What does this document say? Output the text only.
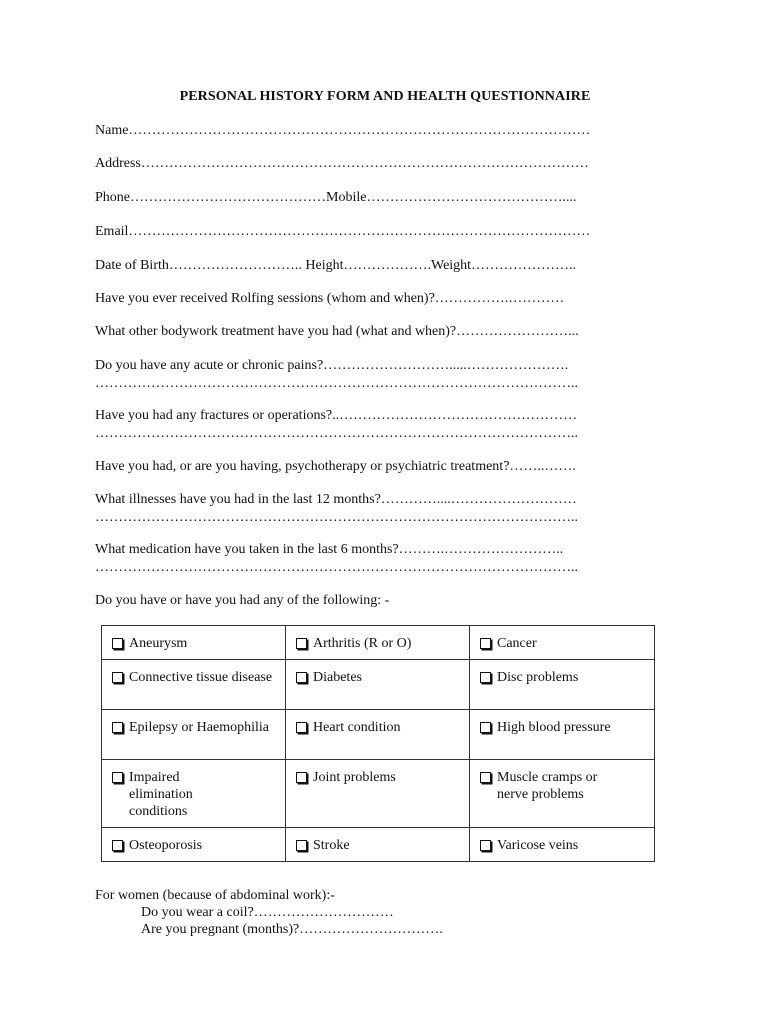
PERSONAL HISTORY FORM AND HEALTH QUESTIONNAIRE
Name………………………………………………………………………………………
Address……………………………………………………………………………………
Phone……………………………………Mobile……………………………………....
Email………………………………………………………………………………………
Date of Birth……………………….. Height……………….Weight…………………..
Have you ever received Rolfing sessions (whom and when)?…………….…………
What other bodywork treatment have you had (what and when)?……………………...
Do you have any acute or chronic pains?……………………….....………………….
…………………………………………………………………………………………..
Have you had any fractures or operations?..……………………………………………
…………………………………………………………………………………………..
Have you had, or are you having, psychotherapy or psychiatric treatment?……..…….
What illnesses have you had in the last 12 months?…………....………………………
…………………………………………………………………………………………..
What medication have you taken in the last 6 months?……….……………………..
…………………………………………………………………………………………..
Do you have or have you had any of the following: -
Aneurysm	Arthritis (R or O)	Cancer

Connective tissue disease	Diabetes	Disc problems

Epilepsy or Haemophilia	Heart condition	High blood pressure

Impaired elimination conditions	Joint problems	Muscle cramps or nerve problems

Osteoporosis	Stroke	Varicose veins
For women (because of abdominal work):-
Do you wear a coil?…………………………
Are you pregnant (months)?………………………….
